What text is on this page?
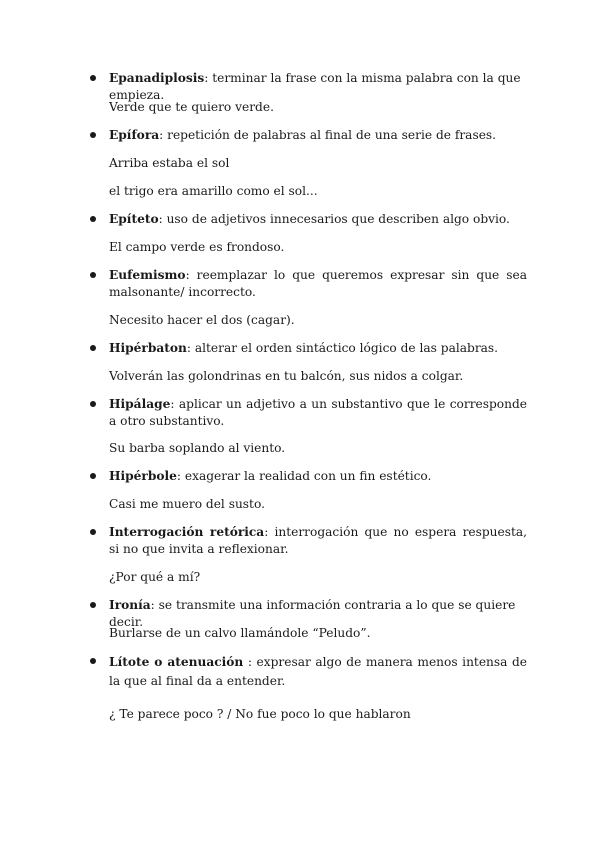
Epanadiplosis: terminar la frase con la misma palabra con la que empieza.
Verde que te quiero verde.
Epífora: repetición de palabras al final de una serie de frases.
Arriba estaba el sol
el trigo era amarillo como el sol...
Epíteto: uso de adjetivos innecesarios que describen algo obvio.
El campo verde es frondoso.
Eufemismo: reemplazar lo que queremos expresar sin que sea malsonante/ incorrecto.
Necesito hacer el dos (cagar).
Hipérbaton: alterar el orden sintáctico lógico de las palabras.
Volverán las golondrinas en tu balcón, sus nidos a colgar.
Hipálage: aplicar un adjetivo a un substantivo que le corresponde a otro substantivo.
Su barba soplando al viento.
Hipérbole: exagerar la realidad con un fin estético.
Casi me muero del susto.
Interrogación retórica: interrogación que no espera respuesta, si no que invita a reflexionar.
¿Por qué a mí?
Ironía: se transmite una información contraria a lo que se quiere decir.
Burlarse de un calvo llamándole “Peludo”.
Lítote o atenuación : expresar algo de manera menos intensa de la que al final da a entender.
¿ Te parece poco ? / No fue poco lo que hablaron
